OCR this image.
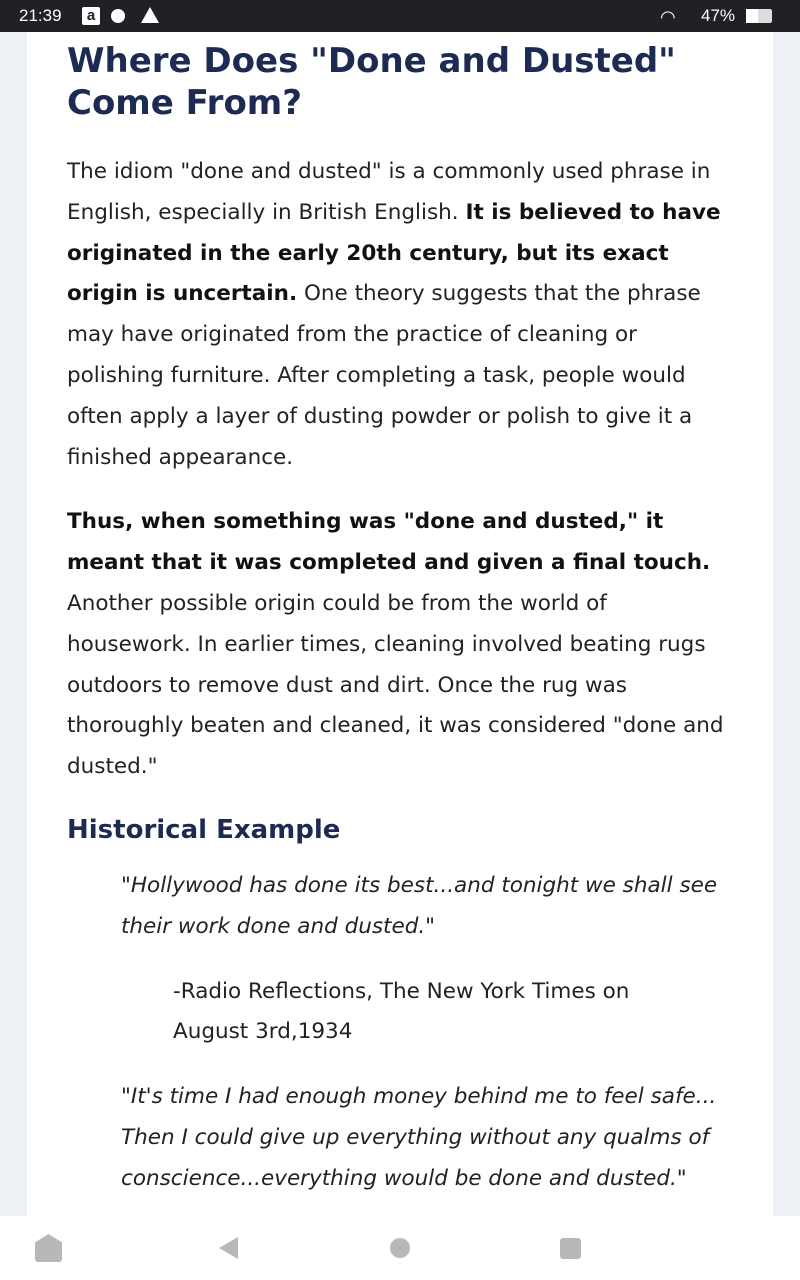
21:39	a	◠ 47%
Where Does "Done and Dusted" Come From?

The idiom "done and dusted" is a commonly used phrase in English, especially in British English. It is believed to have originated in the early 20th century, but its exact origin is uncertain. One theory suggests that the phrase may have originated from the practice of cleaning or polishing furniture. After completing a task, people would often apply a layer of dusting powder or polish to give it a finished appearance.

Thus, when something was "done and dusted," it meant that it was completed and given a final touch. Another possible origin could be from the world of housework. In earlier times, cleaning involved beating rugs outdoors to remove dust and dirt. Once the rug was thoroughly beaten and cleaned, it was considered "done and dusted."

Historical Example
"Hollywood has done its best...and tonight we shall see their work done and dusted."
-Radio Reflections, The New York Times on August 3rd,1934
"It's time I had enough money behind me to feel safe... Then I could give up everything without any qualms of conscience...everything would be done and dusted."
